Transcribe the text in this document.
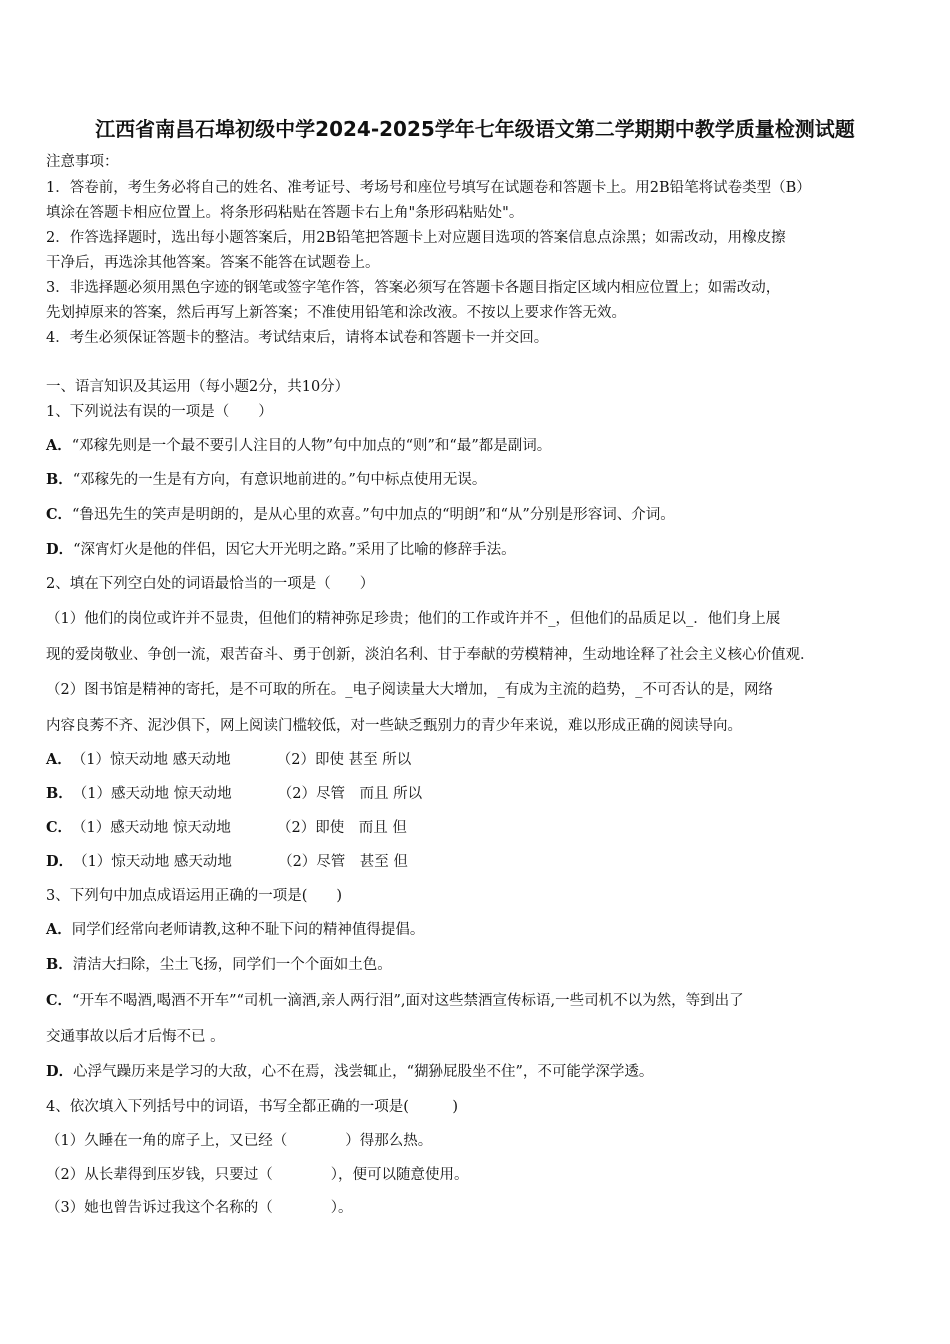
江西省南昌石埠初级中学2024-2025学年七年级语文第二学期期中教学质量检测试题
注意事项：
1．答卷前，考生务必将自己的姓名、准考证号、考场号和座位号填写在试题卷和答题卡上。用2B铅笔将试卷类型（B）
填涂在答题卡相应位置上。将条形码粘贴在答题卡右上角"条形码粘贴处"。
2．作答选择题时，选出每小题答案后，用2B铅笔把答题卡上对应题目选项的答案信息点涂黑；如需改动，用橡皮擦
干净后，再选涂其他答案。答案不能答在试题卷上。
3．非选择题必须用黑色字迹的钢笔或签字笔作答，答案必须写在答题卡各题目指定区域内相应位置上；如需改动，
先划掉原来的答案，然后再写上新答案；不准使用铅笔和涂改液。不按以上要求作答无效。
4．考生必须保证答题卡的整洁。考试结束后，请将本试卷和答题卡一并交回。
一、语言知识及其运用（每小题2分，共10分）
1、下列说法有误的一项是（　　）
A．“邓稼先则是一个最不要引人注目的人物”句中加点的“则”和“最”都是副词。
B．“邓稼先的一生是有方向，有意识地前进的。”句中标点使用无误。
C．“鲁迅先生的笑声是明朗的，是从心里的欢喜。”句中加点的“明朗”和“从”分别是形容词、介词。
D．“深宵灯火是他的伴侣，因它大开光明之路。”采用了比喻的修辞手法。
2、填在下列空白处的词语最恰当的一项是（　　）
（1）他们的岗位或许并不显贵，但他们的精神弥足珍贵；他们的工作或许并不_，但他们的品质足以_．他们身上展
现的爱岗敬业、争创一流，艰苦奋斗、勇于创新，淡泊名利、甘于奉献的劳模精神，生动地诠释了社会主义核心价值观．
（2）图书馆是精神的寄托，是不可取的所在。_电子阅读量大大增加，_有成为主流的趋势，_不可否认的是，网络
内容良莠不齐、泥沙俱下，网上阅读门槛较低，对一些缺乏甄别力的青少年来说，难以形成正确的阅读导向。
A．（1）惊天动地 感天动地	（2）即使 甚至 所以
B．（1）感天动地 惊天动地	（2）尽管　而且 所以
C．（1）感天动地 惊天动地	（2）即使　而且 但
D．（1）惊天动地 感天动地	（2）尽管　甚至 但
3、下列句中加点成语运用正确的一项是(　　)
A．同学们经常向老师请教,这种不耻下问的精神值得提倡。
B．清洁大扫除，尘土飞扬，同学们一个个面如土色。
C．“开车不喝酒,喝酒不开车”“司机一滴酒,亲人两行泪”,面对这些禁酒宣传标语,一些司机不以为然，等到出了
交通事故以后才后悔不已 。
D．心浮气躁历来是学习的大敌，心不在焉，浅尝辄止，“猢狲屁股坐不住”，不可能学深学透。
4、依次填入下列括号中的词语，书写全都正确的一项是(　　　)
（1）久睡在一角的席子上，又已经（　　　　）得那么热。
（2）从长辈得到压岁钱，只要过（　　　　），便可以随意使用。
（3）她也曾告诉过我这个名称的（　　　　）。
